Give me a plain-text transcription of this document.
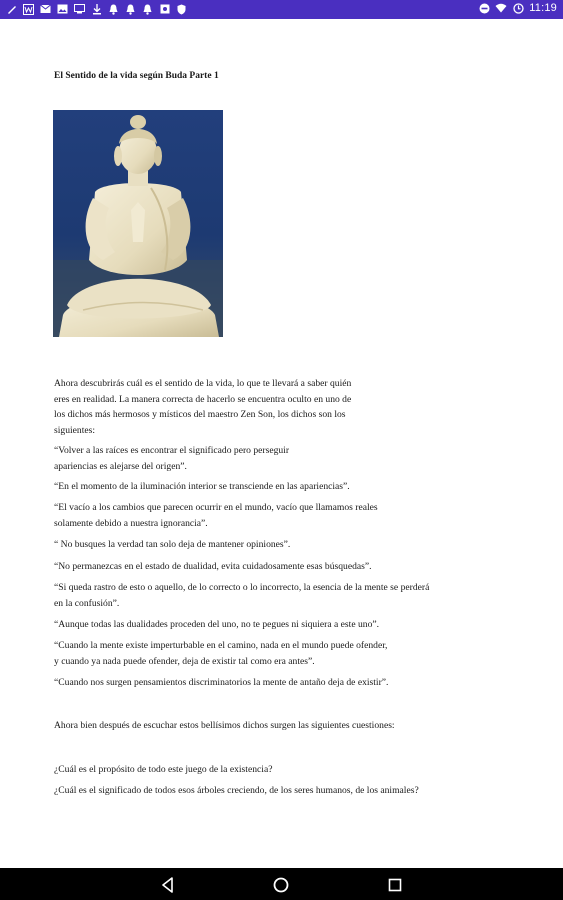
11:19
El Sentido de la vida según Buda Parte 1

Ahora descubrirás cuál es el sentido de la vida, lo que te llevará a saber quién
eres en realidad. La manera correcta de hacerlo se encuentra oculto en uno de
los dichos más hermosos y místicos del maestro Zen Son, los dichos son los
siguientes:

“Volver a las raíces es encontrar el significado pero perseguir
apariencias es alejarse del origen”.

“En el momento de la iluminación interior se transciende en las apariencias”.

“El vacío a los cambios que parecen ocurrir en el mundo, vacío que llamamos reales
solamente debido a nuestra ignorancia”.

“ No busques la verdad tan solo deja de mantener opiniones”.

“No permanezcas en el estado de dualidad, evita cuidadosamente esas búsquedas”.

“Si queda rastro de esto o aquello, de lo correcto o lo incorrecto, la esencia de la mente se perderá
en la confusión”.

“Aunque todas las dualidades proceden del uno, no te pegues ni siquiera a este uno”.

“Cuando la mente existe imperturbable en el camino, nada en el mundo puede ofender,
y cuando ya nada puede ofender, deja de existir tal como era antes”.

“Cuando nos surgen pensamientos discriminatorios la mente de antaño deja de existir”.

Ahora bien después de escuchar estos bellísimos dichos surgen las siguientes cuestiones:

¿Cuál es el propósito de todo este juego de la existencia?

¿Cuál es el significado de todos esos árboles creciendo, de los seres humanos, de los animales?
